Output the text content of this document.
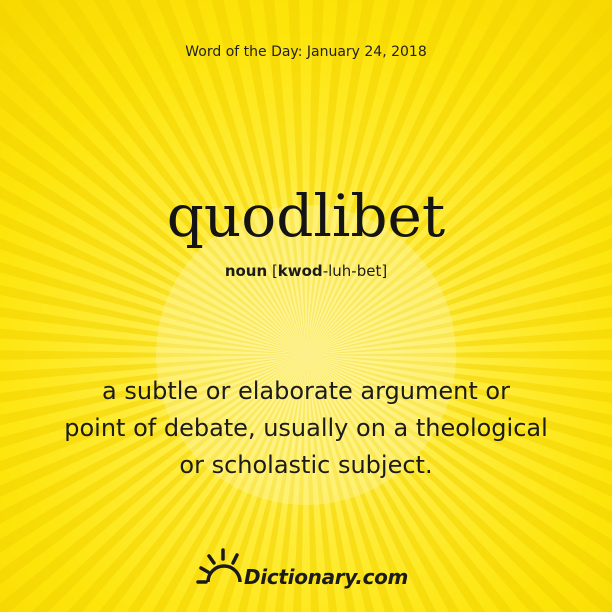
Word of the Day: January 24, 2018
quodlibet
noun [kwod-luh-bet]
a subtle or elaborate argument or
point of debate, usually on a theological
or scholastic subject.
Dictionary.com
